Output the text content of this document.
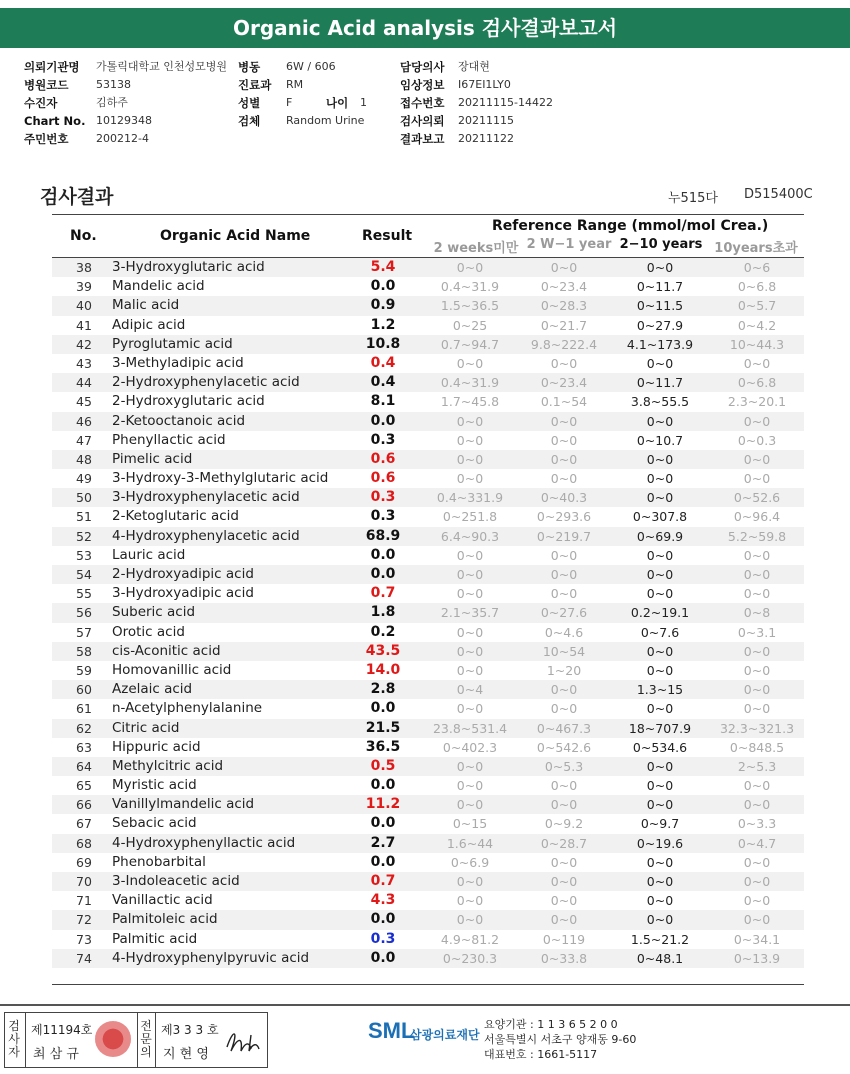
Organic Acid analysis 검사결과보고서
의뢰기관명 가톨릭대학교 인천성모병원
병원코드	53138
수진자	김하주
Chart No. 10129348
주민번호	200212-4
병동 6W / 606
진료과 RM
성별 F
검체 Random Urine
나이 1
담당의사 장대현
임상정보 I67EI1LY0
접수번호 20211115-14422
검사의뢰 20211115
결과보고 20211122
검사결과	누515다 D515400C
No.	Organic Acid Name	Result
Reference Range (mmol/mol Crea.)
2 weeks미만 2 W−1 year 2−10 years 10years초과
38	3-Hydroxyglutaric acid	5.4	0~0	0~0	0~0	0~6
39	Mandelic acid	0.0	0.4~31.9	0~23.4	0~11.7	0~6.8
40	Malic acid	0.9	1.5~36.5	0~28.3	0~11.5	0~5.7
41	Adipic acid	1.2	0~25	0~21.7	0~27.9	0~4.2
42	Pyroglutamic acid	10.8	0.7~94.7	9.8~222.4	4.1~173.9	10~44.3
43	3-Methyladipic acid	0.4	0~0	0~0	0~0	0~0
44	2-Hydroxyphenylacetic acid	0.4	0.4~31.9	0~23.4	0~11.7	0~6.8
45	2-Hydroxyglutaric acid	8.1	1.7~45.8	0.1~54	3.8~55.5	2.3~20.1
46	2-Ketooctanoic acid	0.0	0~0	0~0	0~0	0~0
47	Phenyllactic acid	0.3	0~0	0~0	0~10.7	0~0.3
48	Pimelic acid	0.6	0~0	0~0	0~0	0~0
49	3-Hydroxy-3-Methylglutaric acid	0.6	0~0	0~0	0~0	0~0
50	3-Hydroxyphenylacetic acid	0.3	0.4~331.9	0~40.3	0~0	0~52.6
51	2-Ketoglutaric acid	0.3	0~251.8	0~293.6	0~307.8	0~96.4
52	4-Hydroxyphenylacetic acid	68.9	6.4~90.3	0~219.7	0~69.9	5.2~59.8
53	Lauric acid	0.0	0~0	0~0	0~0	0~0
54	2-Hydroxyadipic acid	0.0	0~0	0~0	0~0	0~0
55	3-Hydroxyadipic acid	0.7	0~0	0~0	0~0	0~0
56	Suberic acid	1.8	2.1~35.7	0~27.6	0.2~19.1	0~8
57	Orotic acid	0.2	0~0	0~4.6	0~7.6	0~3.1
58	cis-Aconitic acid	43.5	0~0	10~54	0~0	0~0
59	Homovanillic acid	14.0	0~0	1~20	0~0	0~0
60	Azelaic acid	2.8	0~4	0~0	1.3~15	0~0
61	n-Acetylphenylalanine	0.0	0~0	0~0	0~0	0~0
62	Citric acid	21.5	23.8~531.4	0~467.3	18~707.9	32.3~321.3
63	Hippuric acid	36.5	0~402.3	0~542.6	0~534.6	0~848.5
64	Methylcitric acid	0.5	0~0	0~5.3	0~0	2~5.3
65	Myristic acid	0.0	0~0	0~0	0~0	0~0
66	Vanillylmandelic acid	11.2	0~0	0~0	0~0	0~0
67	Sebacic acid	0.0	0~15	0~9.2	0~9.7	0~3.3
68	4-Hydroxyphenyllactic acid	2.7	1.6~44	0~28.7	0~19.6	0~4.7
69	Phenobarbital	0.0	0~6.9	0~0	0~0	0~0
70	3-Indoleacetic acid	0.7	0~0	0~0	0~0	0~0
71	Vanillactic acid	4.3	0~0	0~0	0~0	0~0
72	Palmitoleic acid	0.0	0~0	0~0	0~0	0~0
73	Palmitic acid	0.3	4.9~81.2	0~119	1.5~21.2	0~34.1
74	4-Hydroxyphenylpyruvic acid	0.0	0~230.3	0~33.8	0~48.1	0~13.9
검사자
제11194호
최 삼 규
전문의
제3 3 3 호
지 현 영
SML
삼광의료재단
요양기관 : 1 1 3 6 5 2 0 0
서울특별시 서초구 양재동 9-60
대표번호 : 1661-5117
